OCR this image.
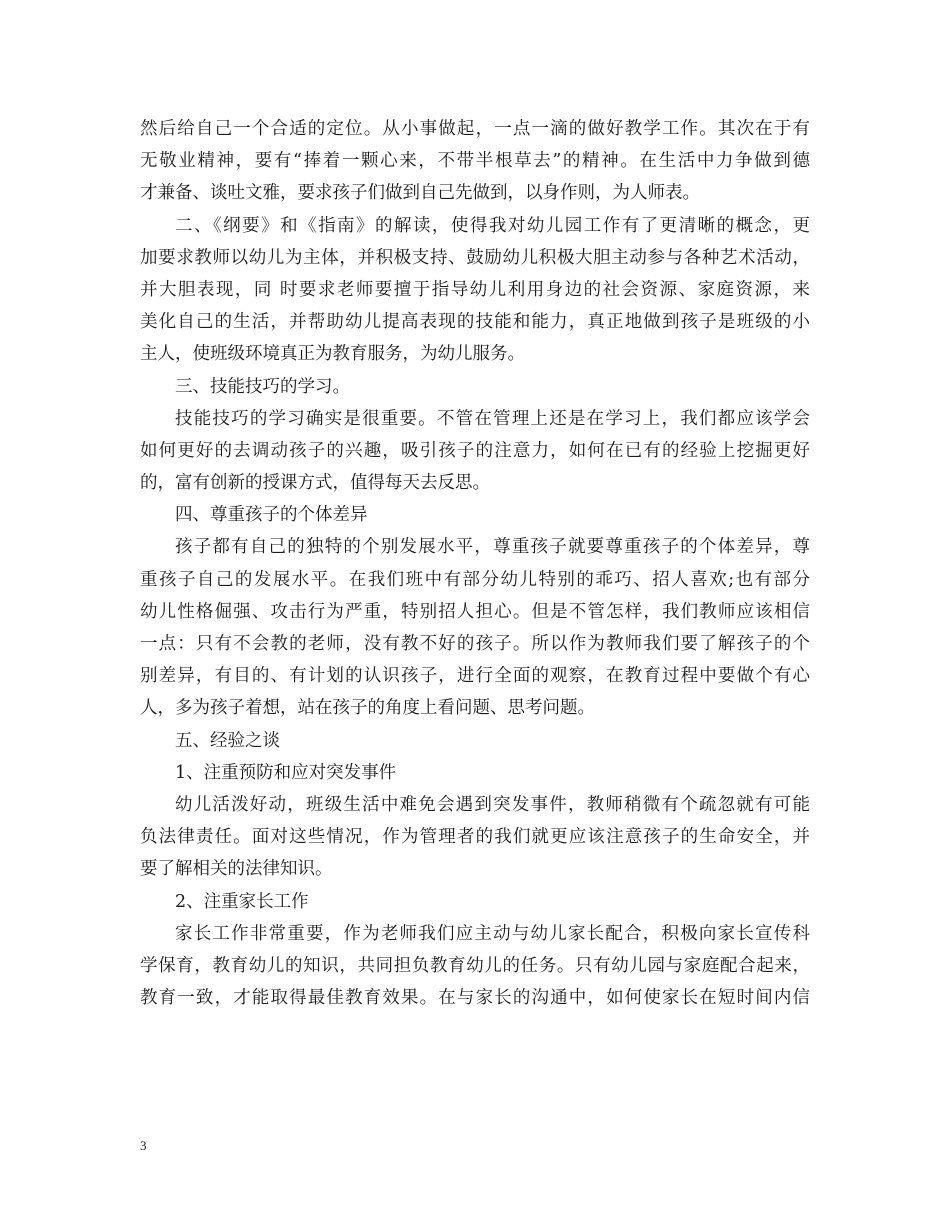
然后给自己一个合适的定位。从小事做起，一点一滴的做好教学工作。其次在于有
无敬业精神，要有“捧着一颗心来，不带半根草去”的精神。在生活中力争做到德
才兼备、谈吐文雅，要求孩子们做到自己先做到，以身作则，为人师表。
二、《纲要》和《指南》的解读，使得我对幼儿园工作有了更清晰的概念，更
加要求教师以幼儿为主体，并积极支持、鼓励幼儿积极大胆主动参与各种艺术活动，
并大胆表现，同 时要求老师要擅于指导幼儿利用身边的社会资源、家庭资源，来
美化自己的生活，并帮助幼儿提高表现的技能和能力，真正地做到孩子是班级的小
主人，使班级环境真正为教育服务，为幼儿服务。
三、技能技巧的学习。
技能技巧的学习确实是很重要。不管在管理上还是在学习上，我们都应该学会
如何更好的去调动孩子的兴趣，吸引孩子的注意力，如何在已有的经验上挖掘更好
的，富有创新的授课方式，值得每天去反思。
四、尊重孩子的个体差异
孩子都有自己的独特的个别发展水平，尊重孩子就要尊重孩子的个体差异，尊
重孩子自己的发展水平。在我们班中有部分幼儿特别的乖巧、招人喜欢;也有部分
幼儿性格倔强、攻击行为严重，特别招人担心。但是不管怎样，我们教师应该相信
一点：只有不会教的老师，没有教不好的孩子。所以作为教师我们要了解孩子的个
别差异，有目的、有计划的认识孩子，进行全面的观察，在教育过程中要做个有心
人，多为孩子着想，站在孩子的角度上看问题、思考问题。
五、经验之谈
1、注重预防和应对突发事件
幼儿活泼好动，班级生活中难免会遇到突发事件，教师稍微有个疏忽就有可能
负法律责任。面对这些情况，作为管理者的我们就更应该注意孩子的生命安全，并
要了解相关的法律知识。
2、注重家长工作
家长工作非常重要，作为老师我们应主动与幼儿家长配合，积极向家长宣传科
学保育，教育幼儿的知识，共同担负教育幼儿的任务。只有幼儿园与家庭配合起来，
教育一致，才能取得最佳教育效果。在与家长的沟通中，如何使家长在短时间内信
3
